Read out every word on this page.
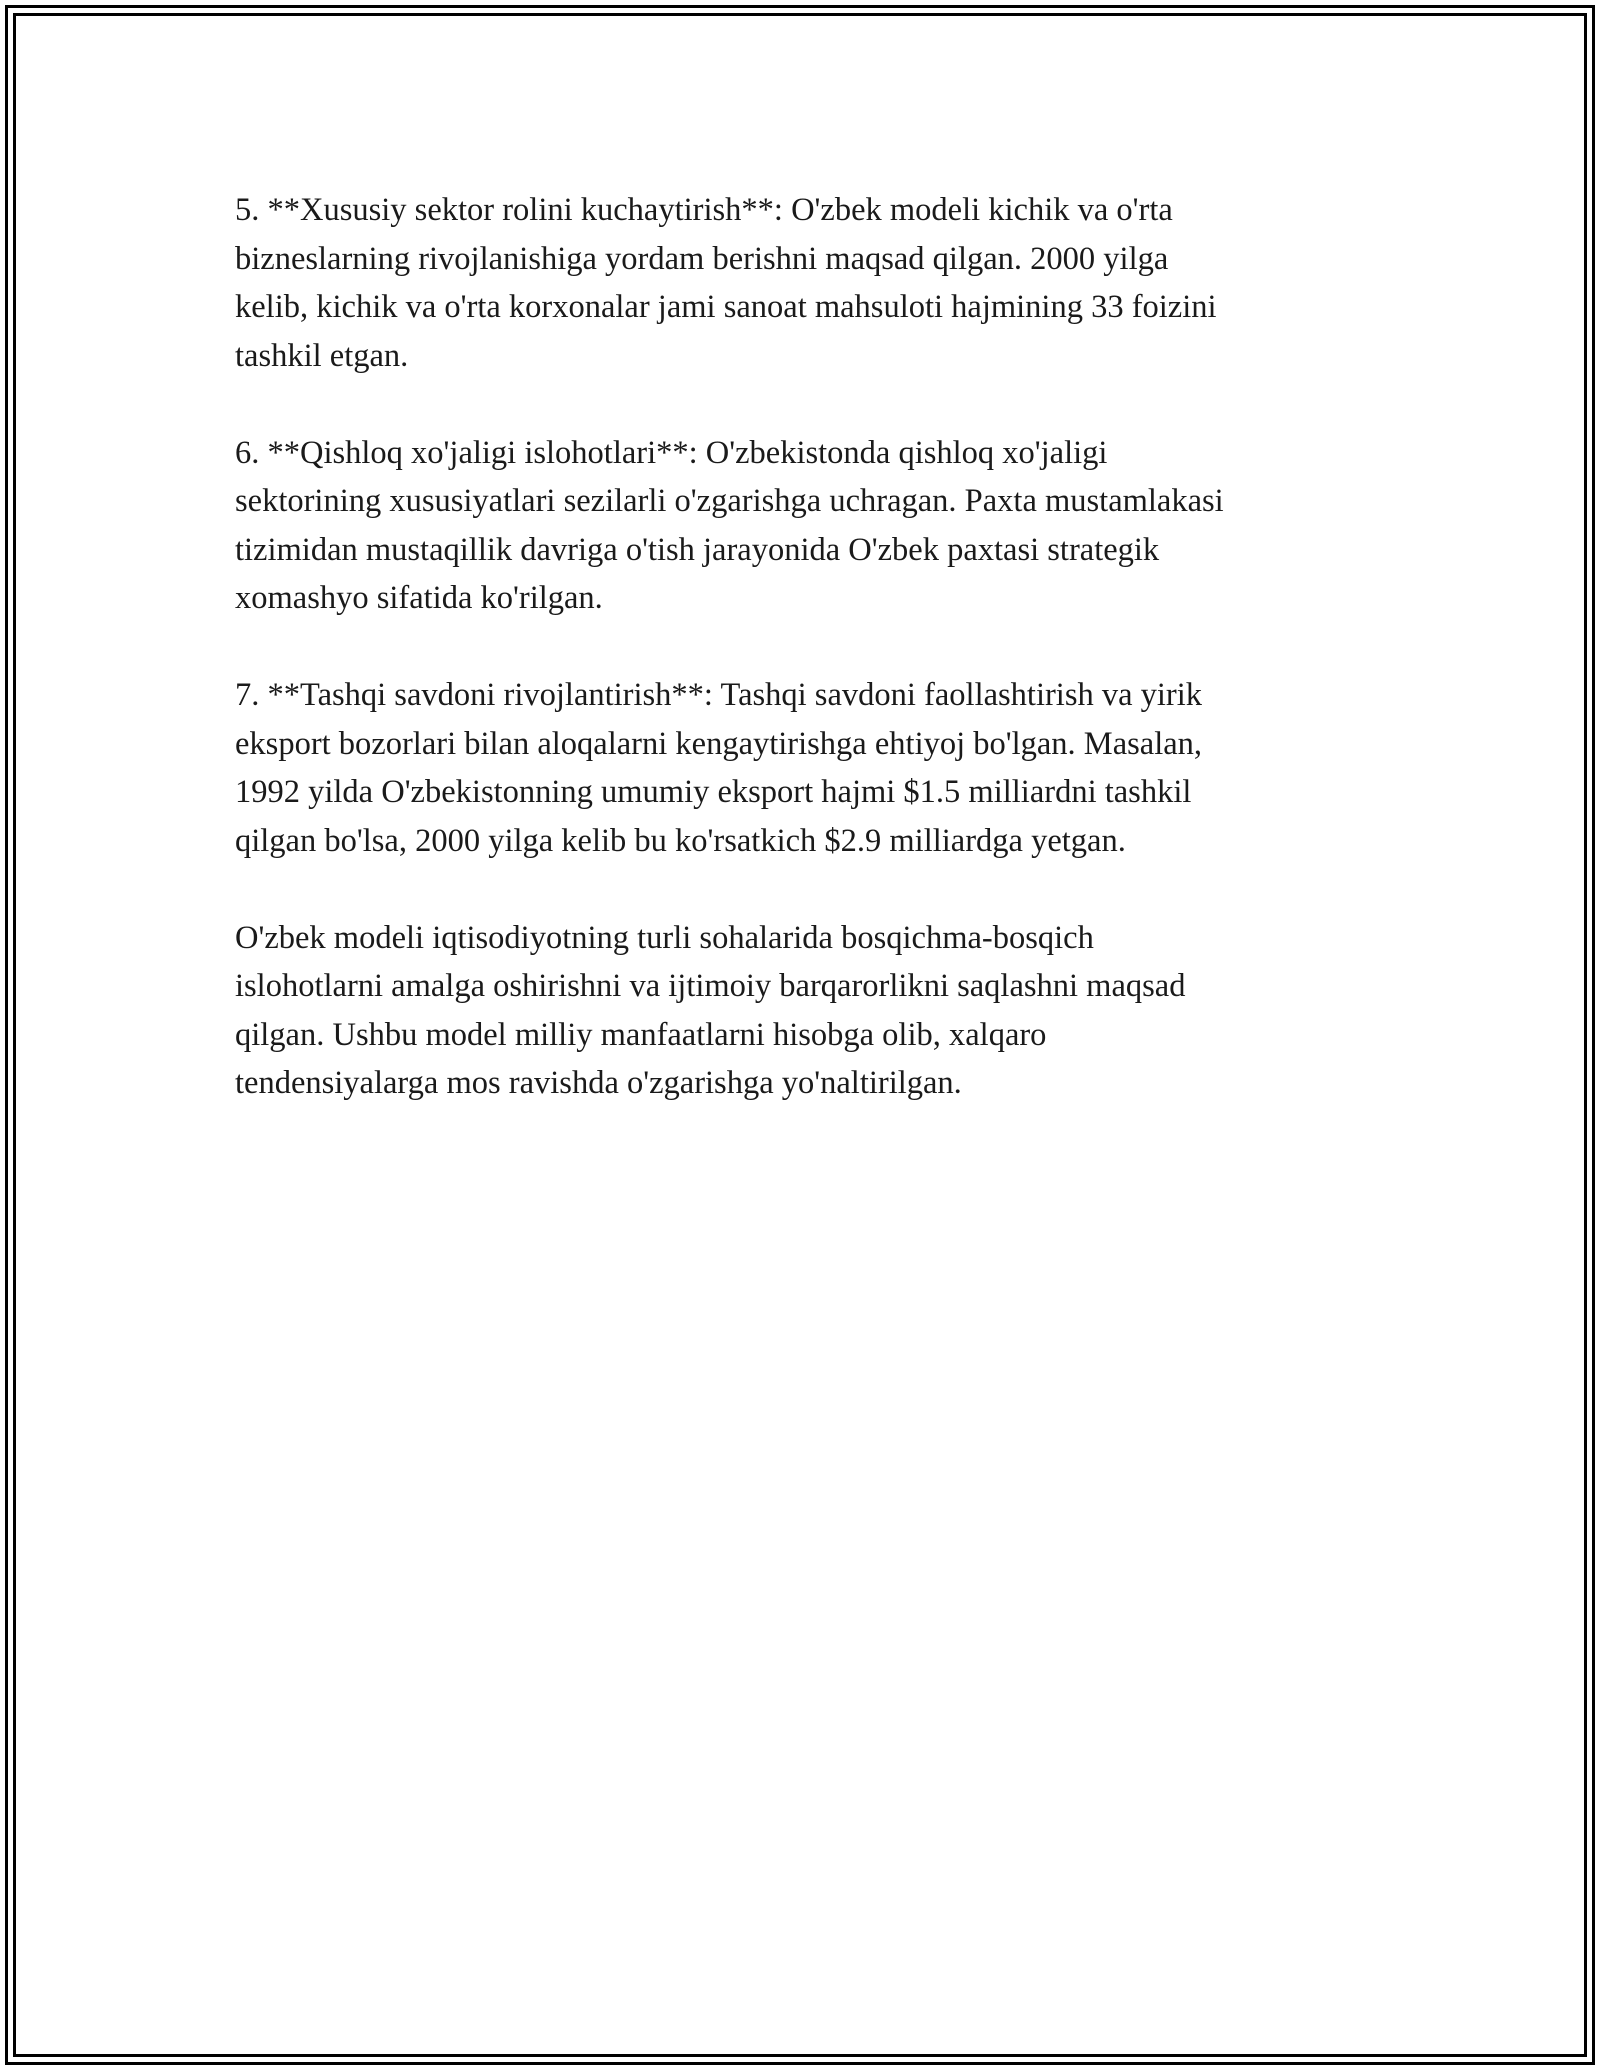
5. **Xususiy sektor rolini kuchaytirish**: O'zbek modeli kichik va o'rta
bizneslarning rivojlanishiga yordam berishni maqsad qilgan. 2000 yilga
kelib, kichik va o'rta korxonalar jami sanoat mahsuloti hajmining 33 foizini
tashkil etgan.

6. **Qishloq xo'jaligi islohotlari**: O'zbekistonda qishloq xo'jaligi
sektorining xususiyatlari sezilarli o'zgarishga uchragan. Paxta mustamlakasi
tizimidan mustaqillik davriga o'tish jarayonida O'zbek paxtasi strategik
xomashyo sifatida ko'rilgan.

7. **Tashqi savdoni rivojlantirish**: Tashqi savdoni faollashtirish va yirik
eksport bozorlari bilan aloqalarni kengaytirishga ehtiyoj bo'lgan. Masalan,
1992 yilda O'zbekistonning umumiy eksport hajmi $1.5 milliardni tashkil
qilgan bo'lsa, 2000 yilga kelib bu ko'rsatkich $2.9 milliardga yetgan.

O'zbek modeli iqtisodiyotning turli sohalarida bosqichma-bosqich
islohotlarni amalga oshirishni va ijtimoiy barqarorlikni saqlashni maqsad
qilgan. Ushbu model milliy manfaatlarni hisobga olib, xalqaro
tendensiyalarga mos ravishda o'zgarishga yo'naltirilgan.
